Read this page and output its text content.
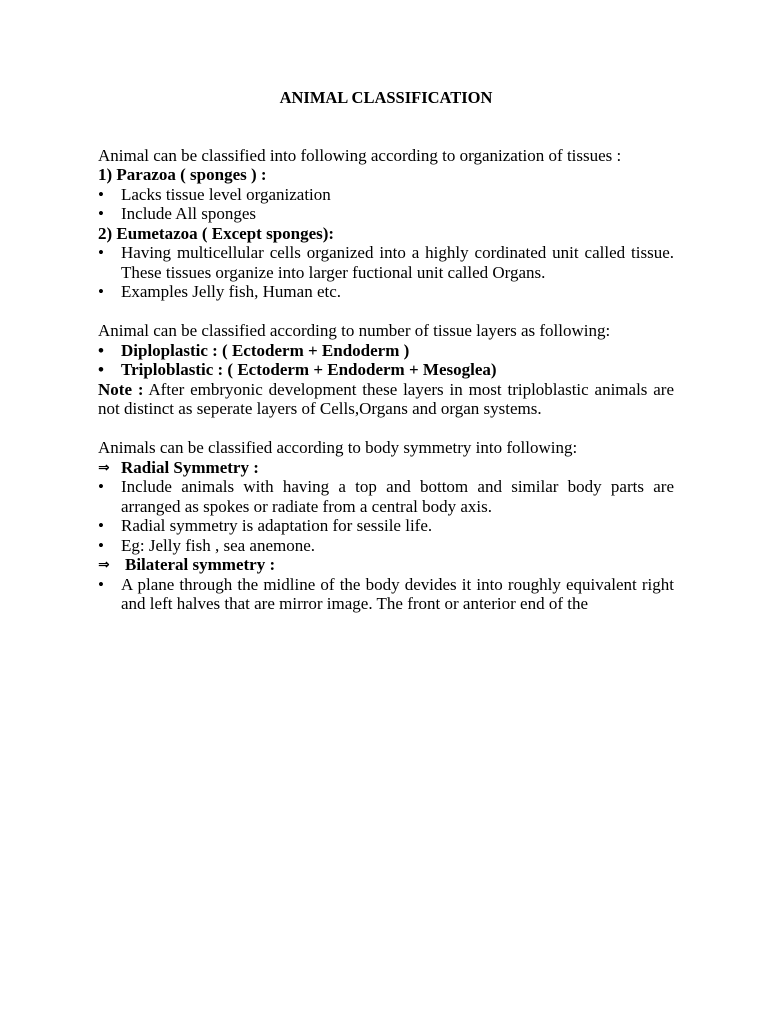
ANIMAL CLASSIFICATION

Animal can be classified into following according to organization of tissues :

1) Parazoa ( sponges ) :

• Lacks tissue level organization

• Include All sponges

2) Eumetazoa ( Except sponges):

• Having multicellular cells organized into a highly cordinated unit called tissue. These tissues organize into larger fuctional unit called Organs.

• Examples Jelly fish, Human etc.

Animal can be classified according to number of tissue layers as following:

• Diploplastic : ( Ectoderm + Endoderm )

• Triploblastic : ( Ectoderm + Endoderm + Mesoglea)

Note : After embryonic development these layers in most triploblastic animals are not distinct as seperate layers of Cells,Organs and organ systems.

Animals can be classified according to body symmetry into following:

⇒ Radial Symmetry :

• Include animals with having a top and bottom and similar body parts are arranged as spokes or radiate from a central body axis.

• Radial symmetry is adaptation for sessile life.

• Eg: Jelly fish , sea anemone.

⇒ Bilateral symmetry :

• A plane through the midline of the body devides it into roughly equivalent right and left halves that are mirror image. The front or anterior end of the
